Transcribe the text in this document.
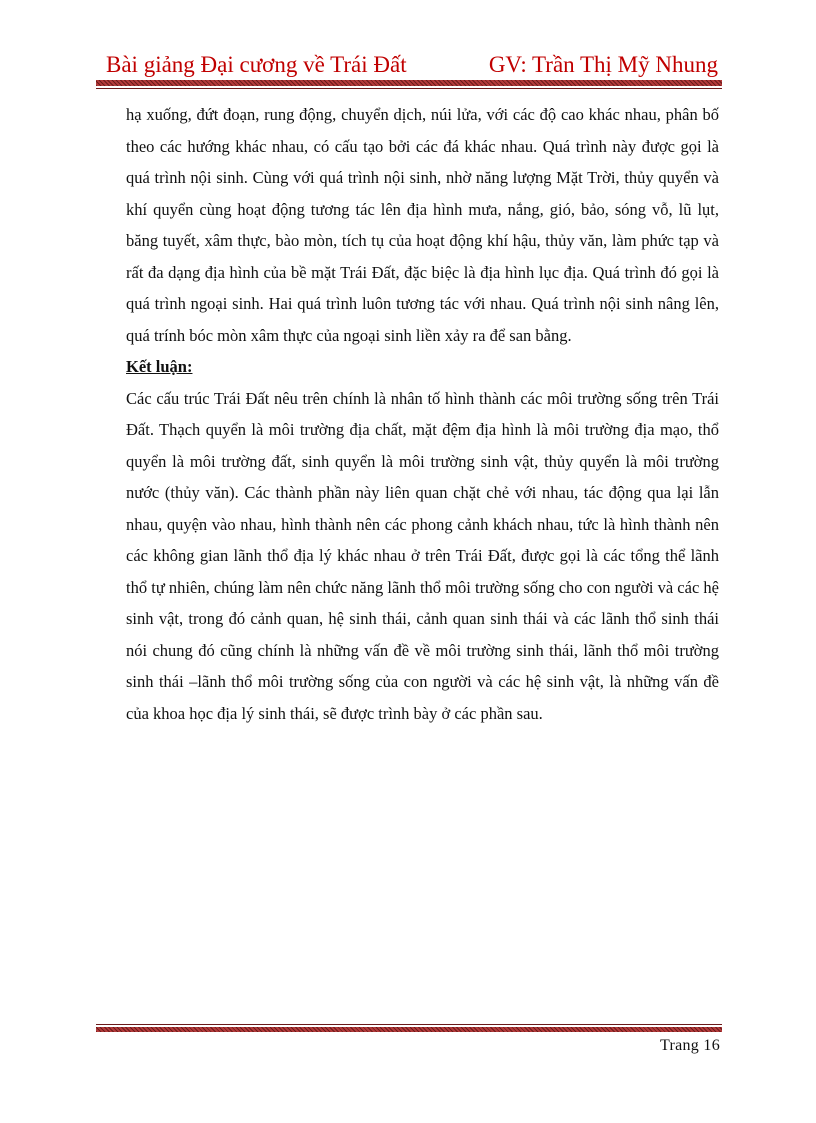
Bài giảng Đại cương về Trái Đất	GV: Trần Thị Mỹ Nhung

hạ xuống, đứt đoạn, rung động, chuyển dịch, núi lửa, với các độ cao khác nhau, phân bố theo các hướng khác nhau, có cấu tạo bởi các đá khác nhau. Quá trình này được gọi là quá trình nội sinh. Cùng với quá trình nội sinh, nhờ năng lượng Mặt Trời, thủy quyển và khí quyển cùng hoạt động tương tác lên địa hình mưa, nắng, gió, bảo, sóng vỗ, lũ lụt, băng tuyết, xâm thực, bào mòn, tích tụ của hoạt động khí hậu, thủy văn, làm phức tạp và rất đa dạng địa hình của bề mặt Trái Đất, đặc biệc là địa hình lục địa. Quá trình đó gọi là quá trình ngoại sinh. Hai quá trình luôn tương tác với nhau. Quá trình nội sinh nâng lên, quá trính bóc mòn xâm thực của ngoại sinh liền xảy ra để san bằng.

Kết luận:

Các cấu trúc Trái Đất nêu trên chính là nhân tố hình thành các môi trường sống trên Trái Đất. Thạch quyển là môi trường địa chất, mặt đệm địa hình là môi trường địa mạo, thổ quyển là môi trường đất, sinh quyển là môi trường sinh vật, thủy quyển là môi trường nước (thủy văn). Các thành phần này liên quan chặt chẻ với nhau, tác động qua lại lẫn nhau, quyện vào nhau, hình thành nên các phong cảnh khách nhau, tức là hình thành nên các không gian lãnh thổ địa lý khác nhau ở trên Trái Đất, được gọi là các tổng thể lãnh thổ tự nhiên, chúng làm nên chức năng lãnh thổ môi trường sống cho con người và các hệ sinh vật, trong đó cảnh quan, hệ sinh thái, cảnh quan sinh thái và các lãnh thổ sinh thái nói chung đó cũng chính là những vấn đề về môi trường sinh thái, lãnh thổ môi trường sinh thái –lãnh thổ môi trường sống của con người và các hệ sinh vật, là những vấn đề của khoa học địa lý sinh thái, sẽ được trình bày ở các phần sau.

Trang 16
